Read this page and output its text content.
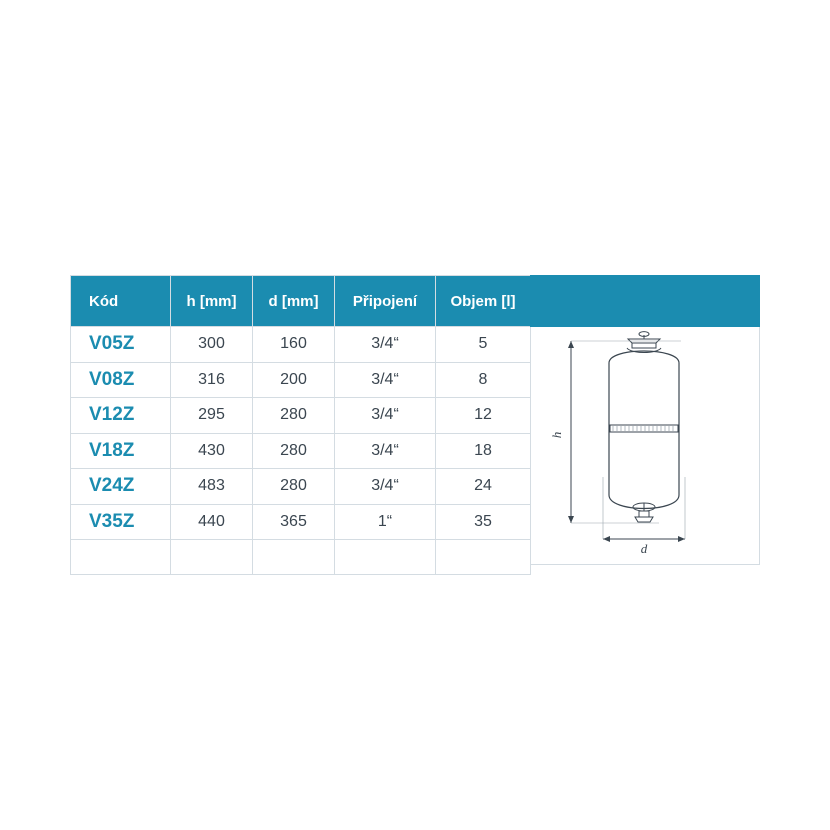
Kód	h [mm]	d [mm]	Připojení	Objem [l]
V05Z	300	160	3/4“	5
V08Z	316	200	3/4“	8
V12Z	295	280	3/4“	12
V18Z	430	280	3/4“	18
V24Z	483	280	3/4“	24
V35Z	440	365	1“	35

h
d
